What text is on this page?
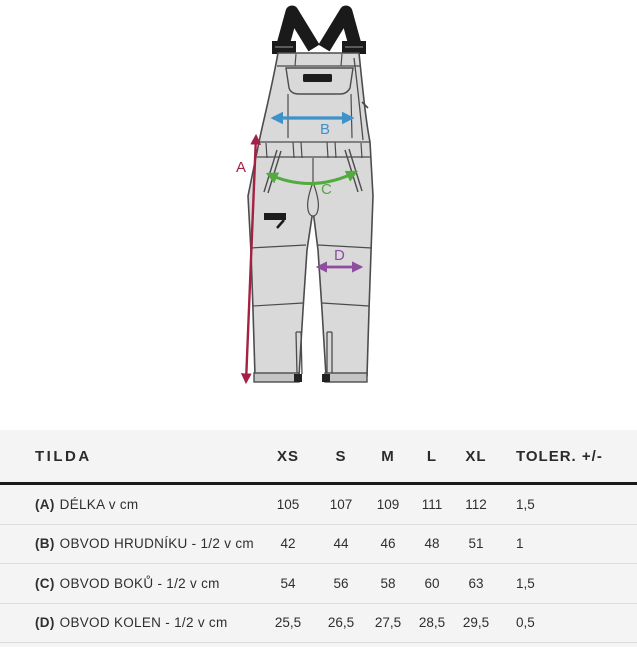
A
B
C
D
TILDA	XS	S	M	L	XL	TOLER. +/-
(A) DÉLKA v cm	105	107	109	111	112	1,5
(B) OBVOD HRUDNÍKU - 1/2 v cm	42	44	46	48	51	1
(C) OBVOD BOKŮ - 1/2 v cm	54	56	58	60	63	1,5
(D) OBVOD KOLEN - 1/2 v cm	25,5	26,5	27,5	28,5	29,5	0,5
